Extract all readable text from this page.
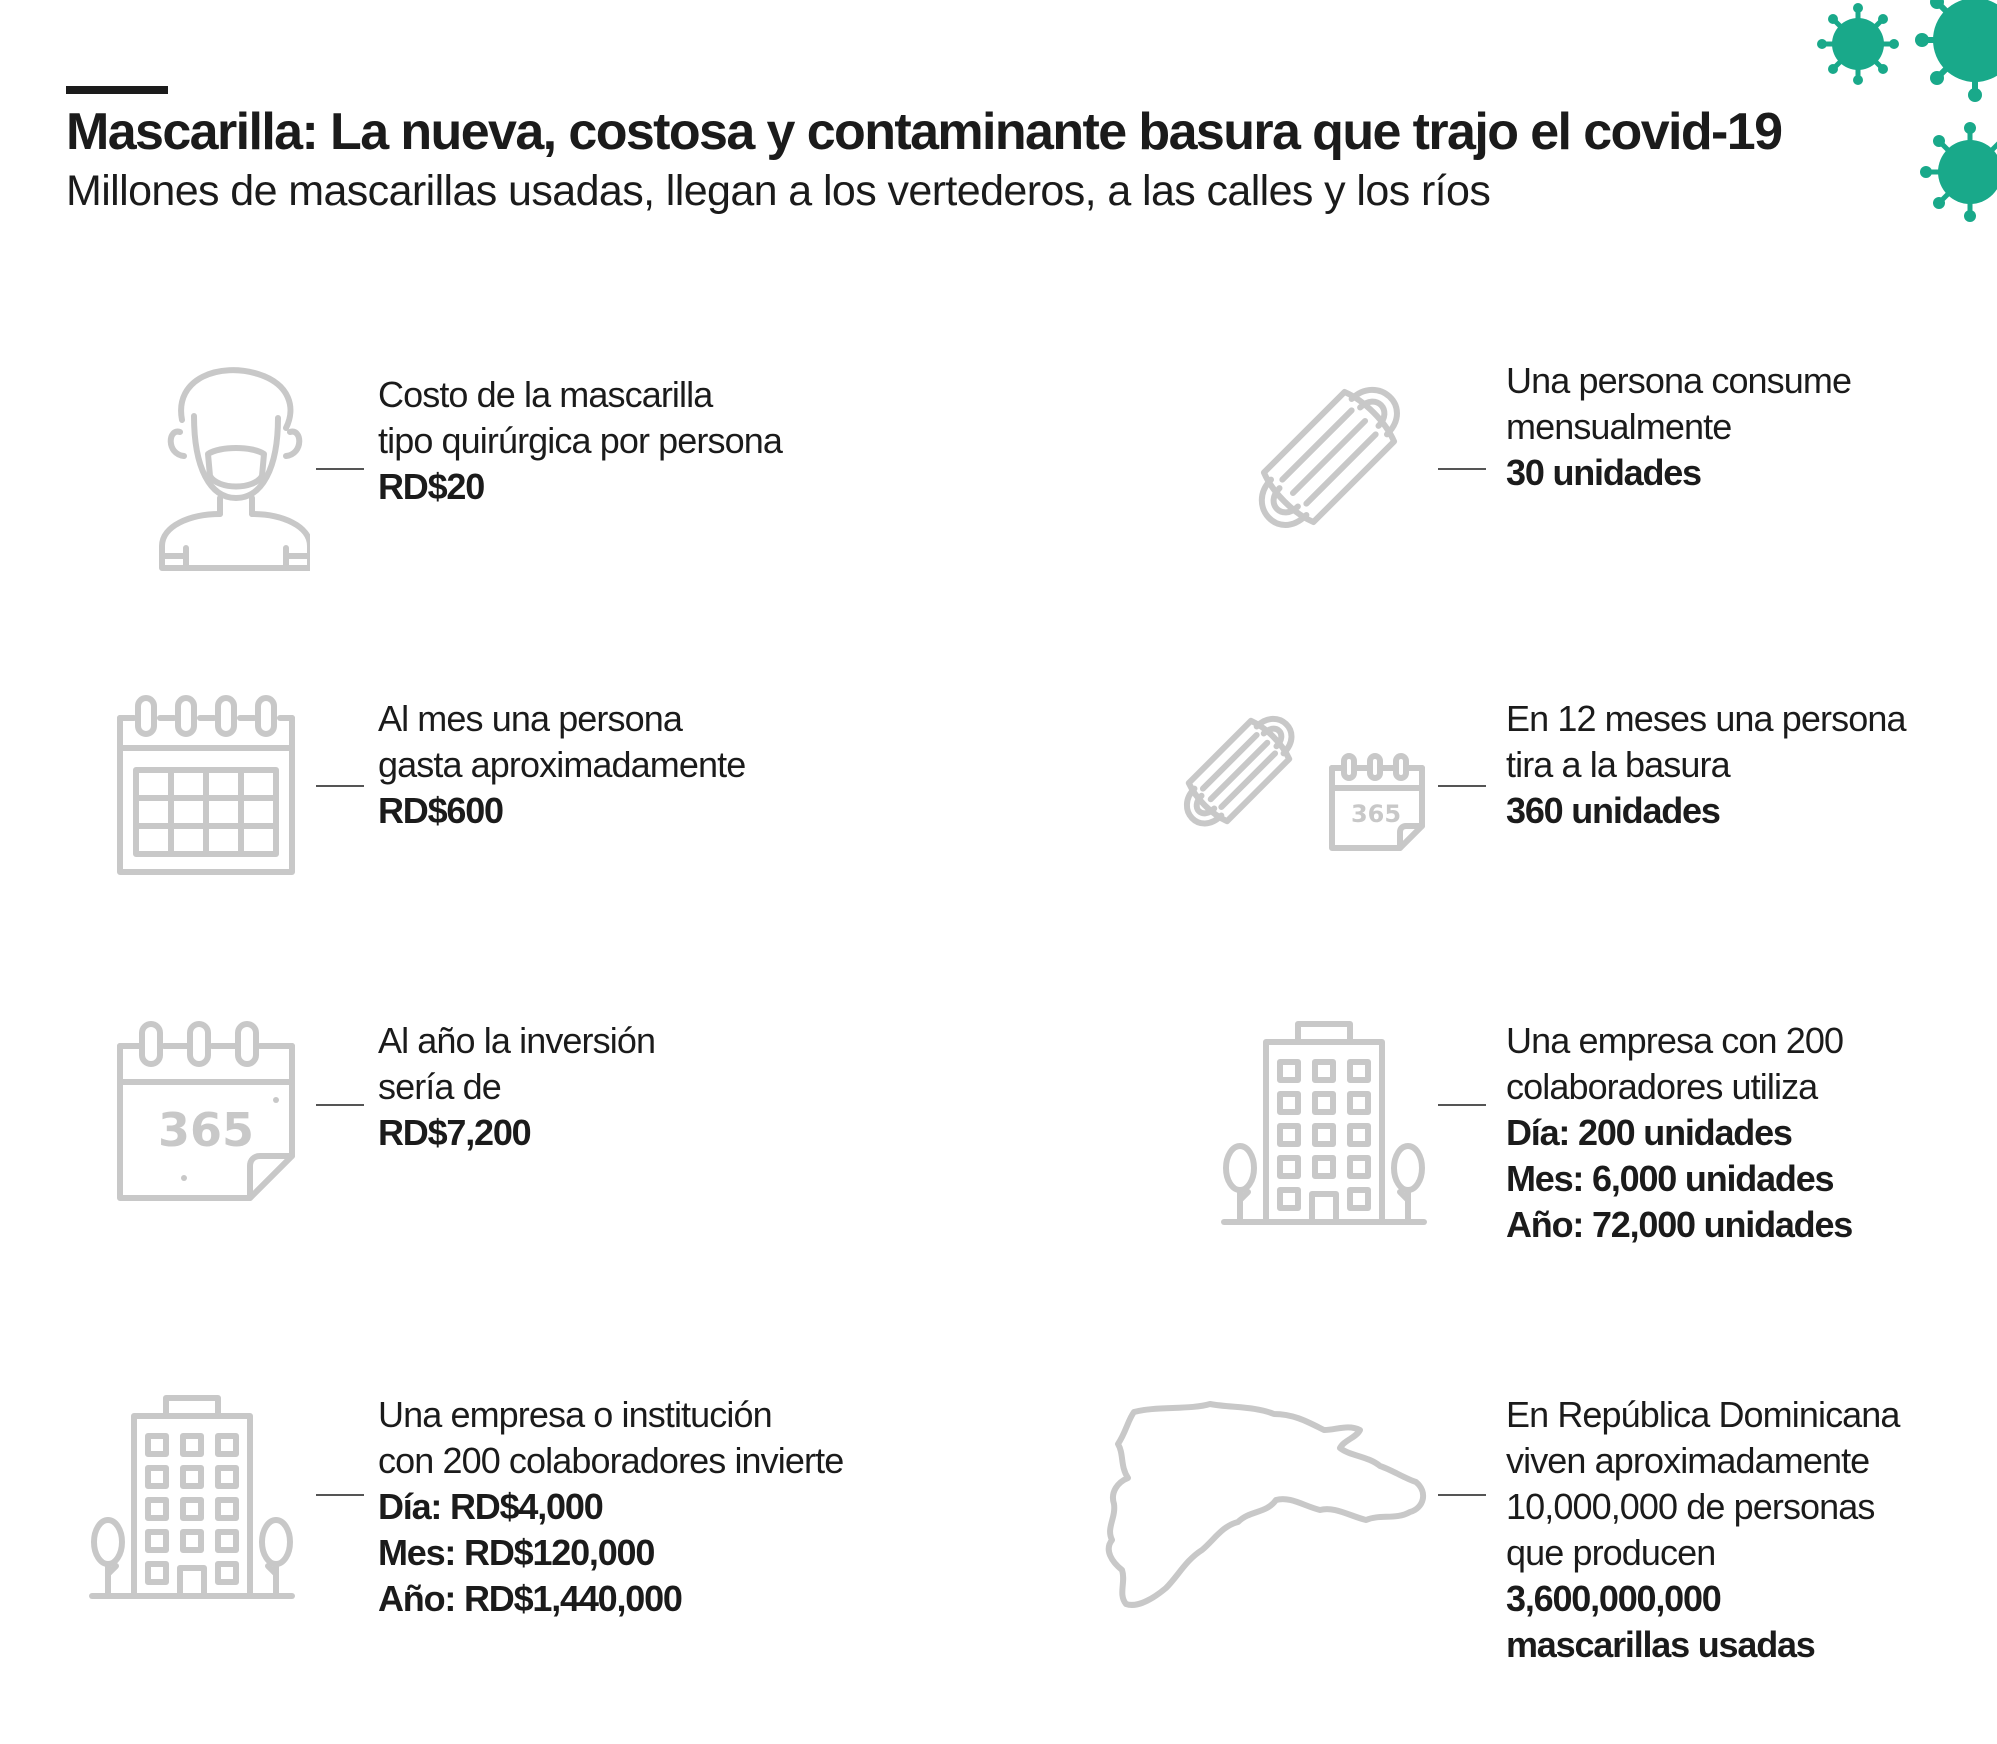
Mascarilla: La nueva, costosa y contaminante basura que trajo el covid-19
Millones de mascarillas usadas, llegan a los vertederos, a las calles y los ríos
Costo de la mascarilla
tipo quirúrgica por persona
RD$20
Al mes una persona
gasta aproximadamente
RD$600
365
Al año la inversión
sería de
RD$7,200
Una empresa o institución
con 200 colaboradores invierte
Día: RD$4,000
Mes: RD$120,000
Año: RD$1,440,000
Una persona consume
mensualmente
30 unidades
365
En 12 meses una persona
tira a la basura
360 unidades
Una empresa con 200
colaboradores utiliza
Día: 200 unidades
Mes: 6,000 unidades
Año: 72,000 unidades
En República Dominicana
viven aproximadamente
10,000,000 de personas
que producen
3,600,000,000
mascarillas usadas
